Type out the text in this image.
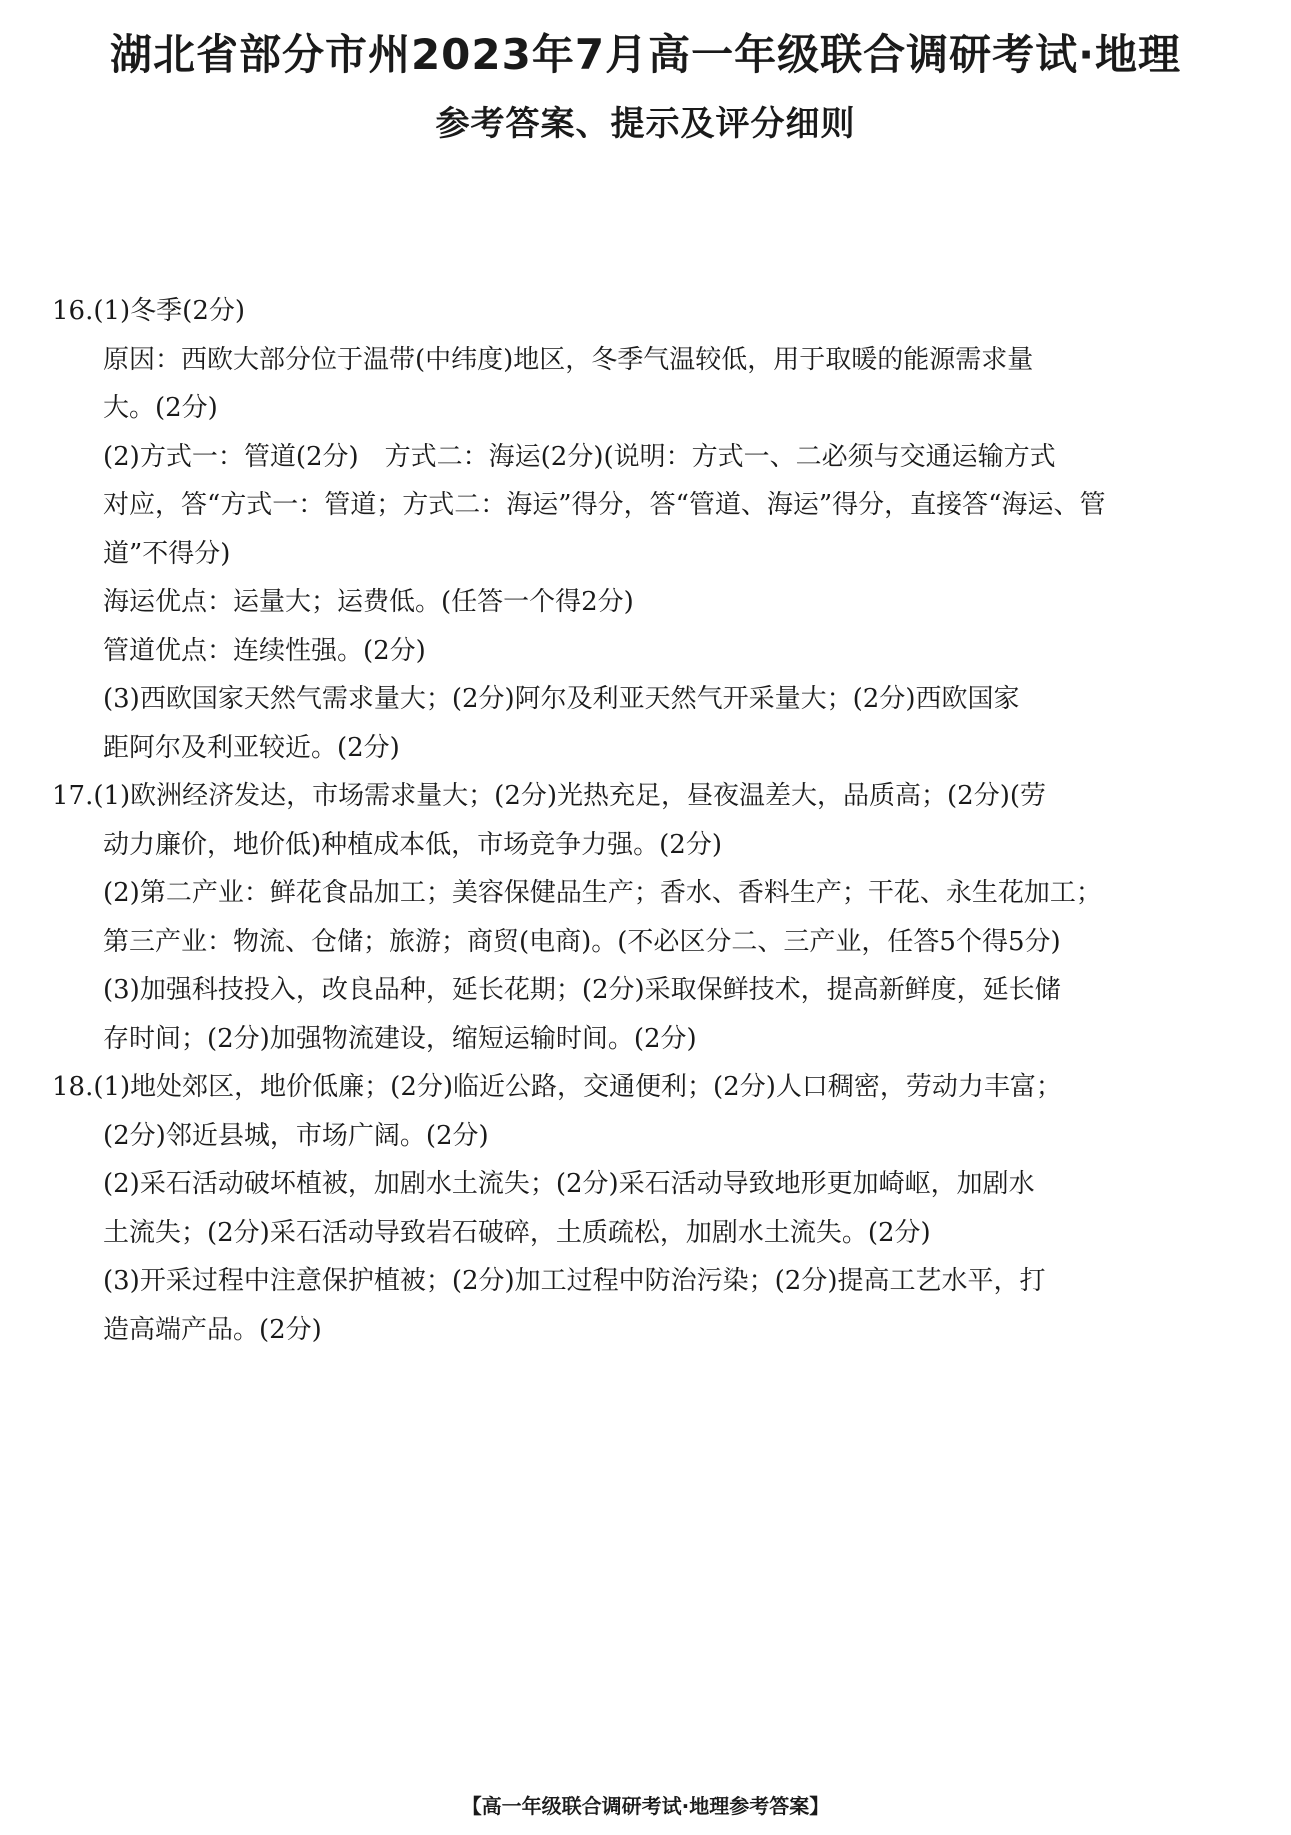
湖北省部分市州2023年7月高一年级联合调研考试·地理
参考答案、提示及评分细则

16.(1)冬季(2分)
原因：西欧大部分位于温带(中纬度)地区，冬季气温较低，用于取暖的能源需求量
大。(2分)
(2)方式一：管道(2分)　方式二：海运(2分)(说明：方式一、二必须与交通运输方式
对应，答“方式一：管道；方式二：海运”得分，答“管道、海运”得分，直接答“海运、管
道”不得分)
海运优点：运量大；运费低。(任答一个得2分)
管道优点：连续性强。(2分)
(3)西欧国家天然气需求量大；(2分)阿尔及利亚天然气开采量大；(2分)西欧国家
距阿尔及利亚较近。(2分)
17.(1)欧洲经济发达，市场需求量大；(2分)光热充足，昼夜温差大，品质高；(2分)(劳
动力廉价，地价低)种植成本低，市场竞争力强。(2分)
(2)第二产业：鲜花食品加工；美容保健品生产；香水、香料生产；干花、永生花加工；
第三产业：物流、仓储；旅游；商贸(电商)。(不必区分二、三产业，任答5个得5分)
(3)加强科技投入，改良品种，延长花期；(2分)采取保鲜技术，提高新鲜度，延长储
存时间；(2分)加强物流建设，缩短运输时间。(2分)
18.(1)地处郊区，地价低廉；(2分)临近公路，交通便利；(2分)人口稠密，劳动力丰富；
(2分)邻近县城，市场广阔。(2分)
(2)采石活动破坏植被，加剧水土流失；(2分)采石活动导致地形更加崎岖，加剧水
土流失；(2分)采石活动导致岩石破碎，土质疏松，加剧水土流失。(2分)
(3)开采过程中注意保护植被；(2分)加工过程中防治污染；(2分)提高工艺水平，打
造高端产品。(2分)
【高一年级联合调研考试·地理参考答案】
